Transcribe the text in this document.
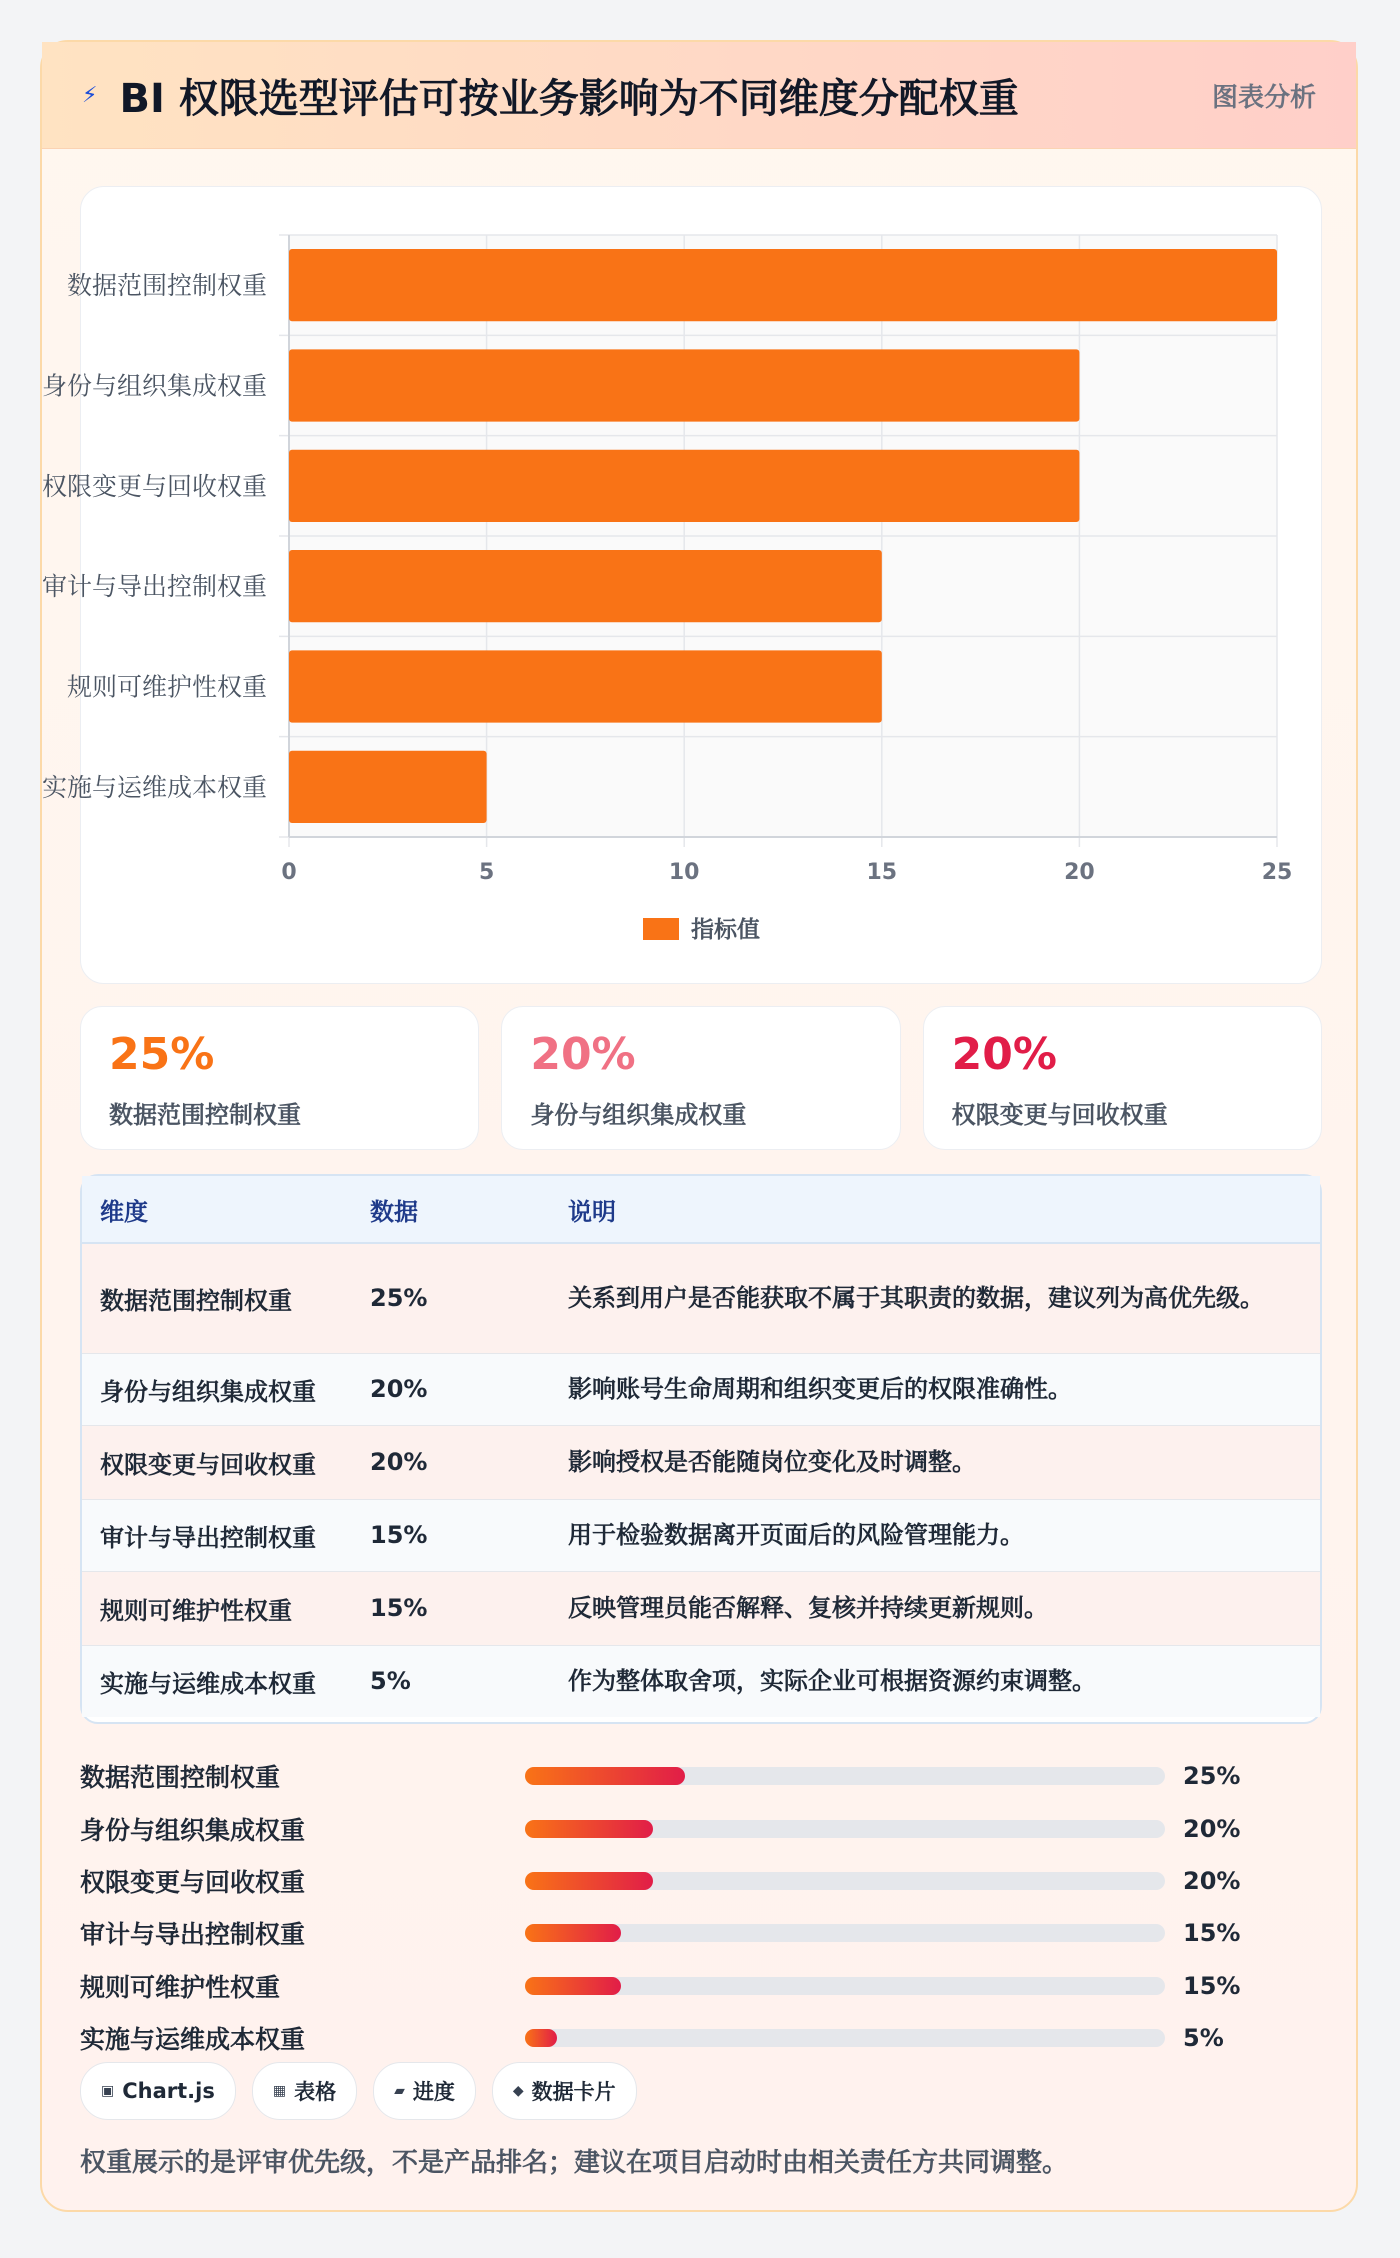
⚡ BI 权限选型评估可按业务影响为不同维度分配权重	图表分析
0	5	10	15	20	25
数据范围控制权重
身份与组织集成权重
权限变更与回收权重
审计与导出控制权重
规则可维护性权重
实施与运维成本权重
指标值
25%
数据范围控制权重
20%
身份与组织集成权重
20%
权限变更与回收权重
维度	数据	说明
数据范围控制权重	25%	关系到用户是否能获取不属于其职责的数据，建议列为高优先级。
身份与组织集成权重	20%	影响账号生命周期和组织变更后的权限准确性。
权限变更与回收权重	20%	影响授权是否能随岗位变化及时调整。
审计与导出控制权重	15%	用于检验数据离开页面后的风险管理能力。
规则可维护性权重	15%	反映管理员能否解释、复核并持续更新规则。
实施与运维成本权重	5%	作为整体取舍项，实际企业可根据资源约束调整。
数据范围控制权重	25%
身份与组织集成权重	20%
权限变更与回收权重	20%
审计与导出控制权重	15%
规则可维护性权重	15%
实施与运维成本权重	5%
▣ Chart.js	▦ 表格	▰ 进度	◆ 数据卡片
权重展示的是评审优先级，不是产品排名；建议在项目启动时由相关责任方共同调整。
